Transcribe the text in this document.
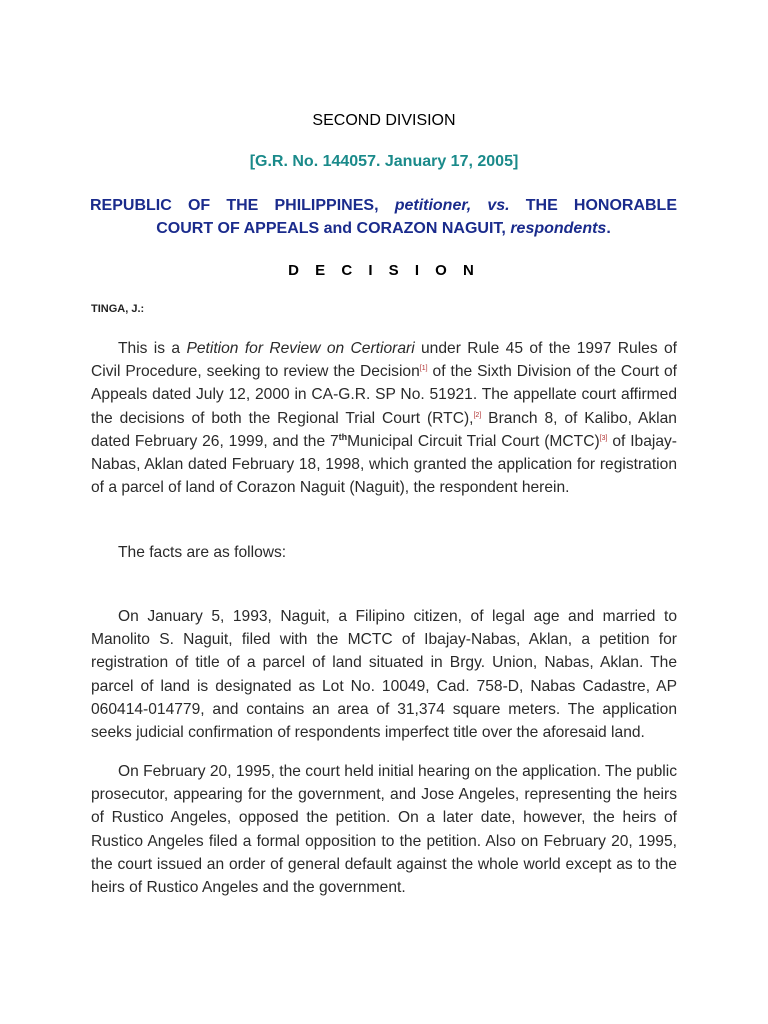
SECOND DIVISION
[G.R. No. 144057. January 17, 2005]
REPUBLIC OF THE PHILIPPINES, petitioner, vs. THE HONORABLE
COURT OF APPEALS and CORAZON NAGUIT, respondents.
D E C I S I O N
TINGA, J.:
This is a Petition for Review on Certiorari under Rule 45 of the 1997 Rules of Civil Procedure, seeking to review the Decision[1] of the Sixth Division of the Court of Appeals dated July 12, 2000 in CA-G.R. SP No. 51921. The appellate court affirmed the decisions of both the Regional Trial Court (RTC),[2] Branch 8, of Kalibo, Aklan dated February 26, 1999, and the 7thMunicipal Circuit Trial Court (MCTC)[3] of Ibajay-Nabas, Aklan dated February 18, 1998, which granted the application for registration of a parcel of land of Corazon Naguit (Naguit), the respondent herein.
The facts are as follows:
On January 5, 1993, Naguit, a Filipino citizen, of legal age and married to Manolito S. Naguit, filed with the MCTC of Ibajay-Nabas, Aklan, a petition for registration of title of a parcel of land situated in Brgy. Union, Nabas, Aklan. The parcel of land is designated as Lot No. 10049, Cad. 758-D, Nabas Cadastre, AP 060414-014779, and contains an area of 31,374 square meters. The application seeks judicial confirmation of respondents imperfect title over the aforesaid land.
On February 20, 1995, the court held initial hearing on the application. The public prosecutor, appearing for the government, and Jose Angeles, representing the heirs of Rustico Angeles, opposed the petition. On a later date, however, the heirs of Rustico Angeles filed a formal opposition to the petition. Also on February 20, 1995, the court issued an order of general default against the whole world except as to the heirs of Rustico Angeles and the government.
